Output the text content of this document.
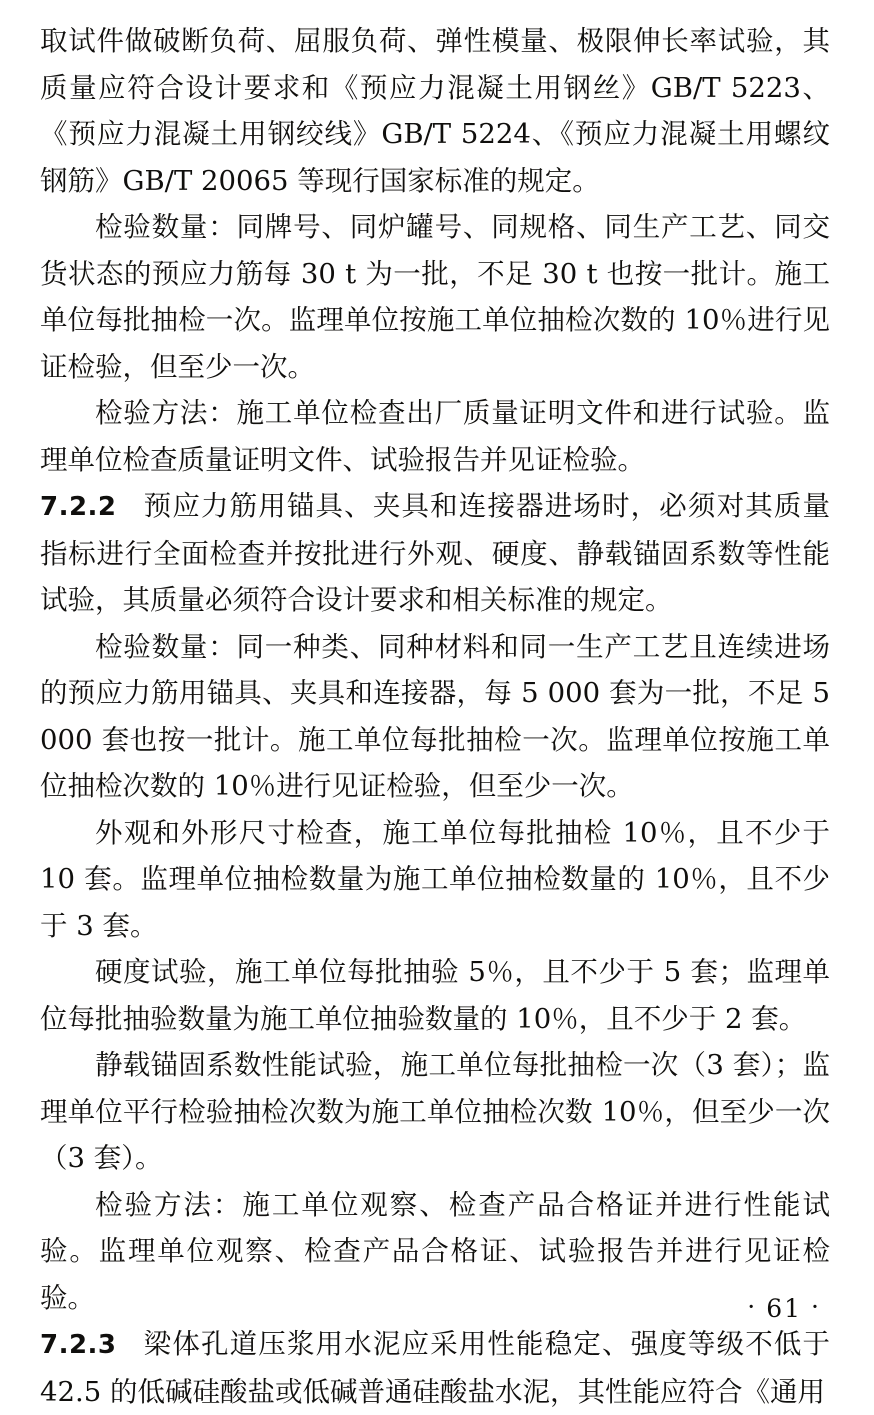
取试件做破断负荷、屈服负荷、弹性模量、极限伸长率试验，其质量应符合设计要求和《预应力混凝土用钢丝》GB/T 5223、《预应力混凝土用钢绞线》GB/T 5224、《预应力混凝土用螺纹钢筋》GB/T 20065 等现行国家标准的规定。

检验数量：同牌号、同炉罐号、同规格、同生产工艺、同交货状态的预应力筋每 30 t 为一批，不足 30 t 也按一批计。施工单位每批抽检一次。监理单位按施工单位抽检次数的 10％进行见证检验，但至少一次。

检验方法：施工单位检查出厂质量证明文件和进行试验。监理单位检查质量证明文件、试验报告并见证检验。

7.2.2 预应力筋用锚具、夹具和连接器进场时，必须对其质量指标进行全面检查并按批进行外观、硬度、静载锚固系数等性能试验，其质量必须符合设计要求和相关标准的规定。

检验数量：同一种类、同种材料和同一生产工艺且连续进场的预应力筋用锚具、夹具和连接器，每 5 000 套为一批，不足 5 000 套也按一批计。施工单位每批抽检一次。监理单位按施工单位抽检次数的 10％进行见证检验，但至少一次。

外观和外形尺寸检查，施工单位每批抽检 10％，且不少于 10 套。监理单位抽检数量为施工单位抽检数量的 10％，且不少于 3 套。

硬度试验，施工单位每批抽验 5％，且不少于 5 套；监理单位每批抽验数量为施工单位抽验数量的 10％，且不少于 2 套。

静载锚固系数性能试验，施工单位每批抽检一次（3 套）；监理单位平行检验抽检次数为施工单位抽检次数 10％，但至少一次（3 套）。

检验方法：施工单位观察、检查产品合格证并进行性能试验。监理单位观察、检查产品合格证、试验报告并进行见证检验。

7.2.3 梁体孔道压浆用水泥应采用性能稳定、强度等级不低于 42.5 的低碱硅酸盐或低碱普通硅酸盐水泥，其性能应符合《通用

· 61 ·
